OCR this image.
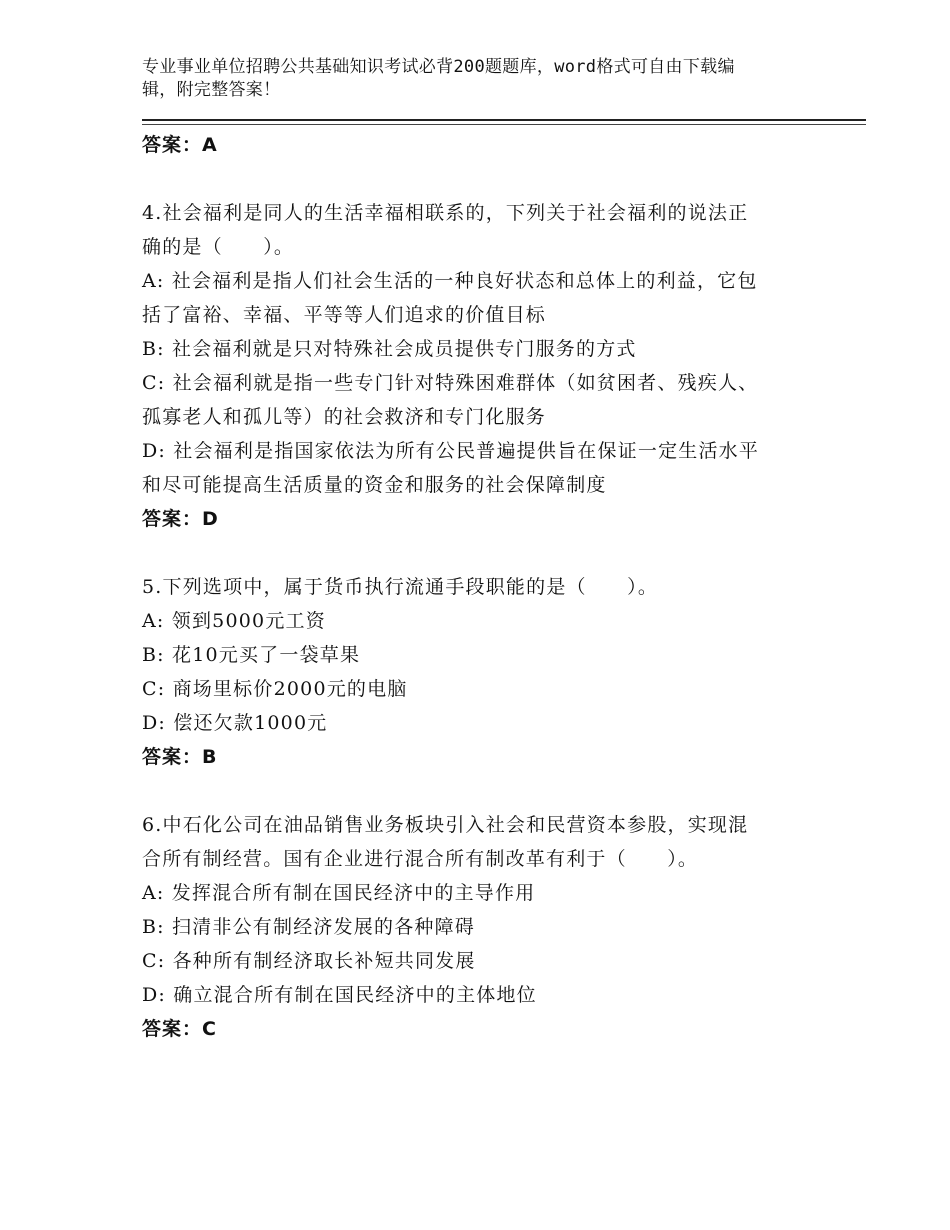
专业事业单位招聘公共基础知识考试必背200题题库，word格式可自由下载编

辑，附完整答案！

答案：A

4.社会福利是同人的生活幸福相联系的，下列关于社会福利的说法正

确的是（　　）。

A: 社会福利是指人们社会生活的一种良好状态和总体上的利益，它包

括了富裕、幸福、平等等人们追求的价值目标

B: 社会福利就是只对特殊社会成员提供专门服务的方式

C: 社会福利就是指一些专门针对特殊困难群体（如贫困者、残疾人、

孤寡老人和孤儿等）的社会救济和专门化服务

D: 社会福利是指国家依法为所有公民普遍提供旨在保证一定生活水平

和尽可能提高生活质量的资金和服务的社会保障制度

答案：D

5.下列选项中，属于货币执行流通手段职能的是（　　）。

A: 领到5000元工资

B: 花10元买了一袋草果

C: 商场里标价2000元的电脑

D: 偿还欠款1000元

答案：B

6.中石化公司在油品销售业务板块引入社会和民营资本参股，实现混

合所有制经营。国有企业进行混合所有制改革有利于（　　）。

A: 发挥混合所有制在国民经济中的主导作用

B: 扫清非公有制经济发展的各种障碍

C: 各种所有制经济取长补短共同发展

D: 确立混合所有制在国民经济中的主体地位

答案：C
